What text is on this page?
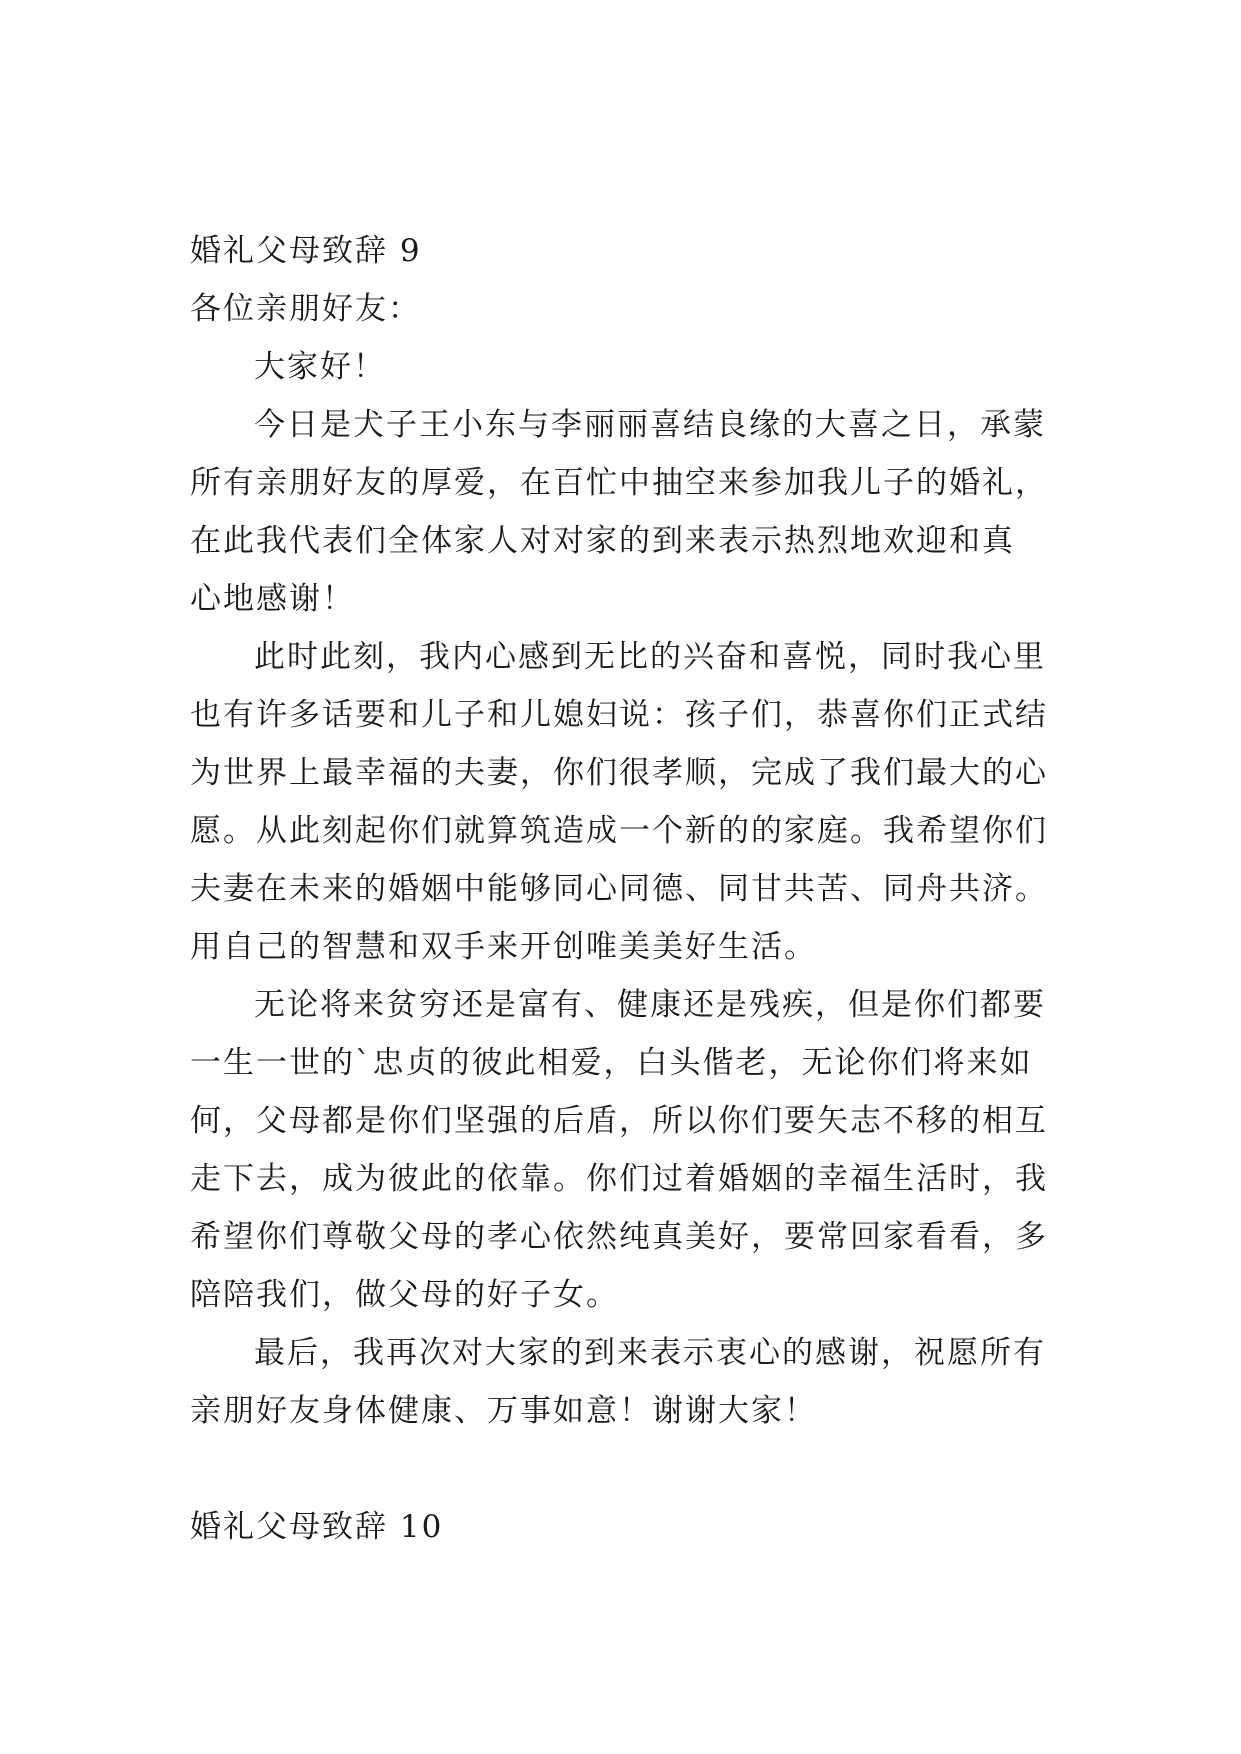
婚礼父母致辞 9
各位亲朋好友：
大家好！
今日是犬子王小东与李丽丽喜结良缘的大喜之日，承蒙
所有亲朋好友的厚爱，在百忙中抽空来参加我儿子的婚礼，
在此我代表们全体家人对对家的到来表示热烈地欢迎和真
心地感谢！
此时此刻，我内心感到无比的兴奋和喜悦，同时我心里
也有许多话要和儿子和儿媳妇说：孩子们，恭喜你们正式结
为世界上最幸福的夫妻，你们很孝顺，完成了我们最大的心
愿。从此刻起你们就算筑造成一个新的的家庭。我希望你们
夫妻在未来的婚姻中能够同心同德、同甘共苦、同舟共济。
用自己的智慧和双手来开创唯美美好生活。
无论将来贫穷还是富有、健康还是残疾，但是你们都要
一生一世的`忠贞的彼此相爱，白头偕老，无论你们将来如
何，父母都是你们坚强的后盾，所以你们要矢志不移的相互
走下去，成为彼此的依靠。你们过着婚姻的幸福生活时，我
希望你们尊敬父母的孝心依然纯真美好，要常回家看看，多
陪陪我们，做父母的好子女。
最后，我再次对大家的到来表示衷心的感谢，祝愿所有
亲朋好友身体健康、万事如意！谢谢大家！
婚礼父母致辞 10
